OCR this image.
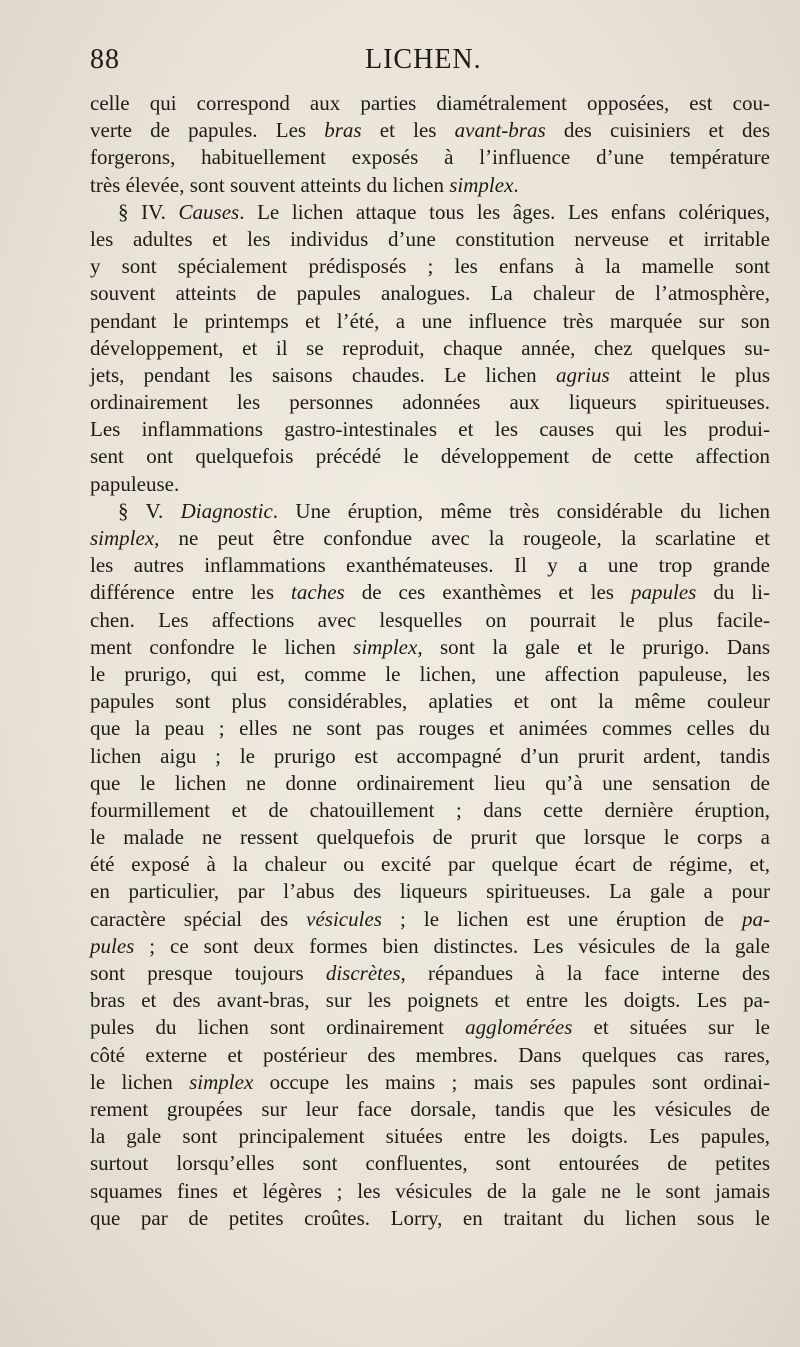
88	LICHEN.
celle qui correspond aux parties diamétralement opposées, est cou-
verte de papules. Les bras et les avant-bras des cuisiniers et des
forgerons, habituellement exposés à l’influence d’une température
très élevée, sont souvent atteints du lichen simplex.
§ IV. Causes. Le lichen attaque tous les âges. Les enfans colériques,
les adultes et les individus d’une constitution nerveuse et irritable
y sont spécialement prédisposés ; les enfans à la mamelle sont
souvent atteints de papules analogues. La chaleur de l’atmosphère,
pendant le printemps et l’été, a une influence très marquée sur son
développement, et il se reproduit, chaque année, chez quelques su-
jets, pendant les saisons chaudes. Le lichen agrius atteint le plus
ordinairement les personnes adonnées aux liqueurs spiritueuses.
Les inflammations gastro-intestinales et les causes qui les produi-
sent ont quelquefois précédé le développement de cette affection
papuleuse.
§ V. Diagnostic. Une éruption, même très considérable du lichen
simplex, ne peut être confondue avec la rougeole, la scarlatine et
les autres inflammations exanthémateuses. Il y a une trop grande
différence entre les taches de ces exanthèmes et les papules du li-
chen. Les affections avec lesquelles on pourrait le plus facile-
ment confondre le lichen simplex, sont la gale et le prurigo. Dans
le prurigo, qui est, comme le lichen, une affection papuleuse, les
papules sont plus considérables, aplaties et ont la même couleur
que la peau ; elles ne sont pas rouges et animées commes celles du
lichen aigu ; le prurigo est accompagné d’un prurit ardent, tandis
que le lichen ne donne ordinairement lieu qu’à une sensation de
fourmillement et de chatouillement ; dans cette dernière éruption,
le malade ne ressent quelquefois de prurit que lorsque le corps a
été exposé à la chaleur ou excité par quelque écart de régime, et,
en particulier, par l’abus des liqueurs spiritueuses. La gale a pour
caractère spécial des vésicules ; le lichen est une éruption de pa-
pules ; ce sont deux formes bien distinctes. Les vésicules de la gale
sont presque toujours discrètes, répandues à la face interne des
bras et des avant-bras, sur les poignets et entre les doigts. Les pa-
pules du lichen sont ordinairement agglomérées et situées sur le
côté externe et postérieur des membres. Dans quelques cas rares,
le lichen simplex occupe les mains ; mais ses papules sont ordinai-
rement groupées sur leur face dorsale, tandis que les vésicules de
la gale sont principalement situées entre les doigts. Les papules,
surtout lorsqu’elles sont confluentes, sont entourées de petites
squames fines et légères ; les vésicules de la gale ne le sont jamais
que par de petites croûtes. Lorry, en traitant du lichen sous le
